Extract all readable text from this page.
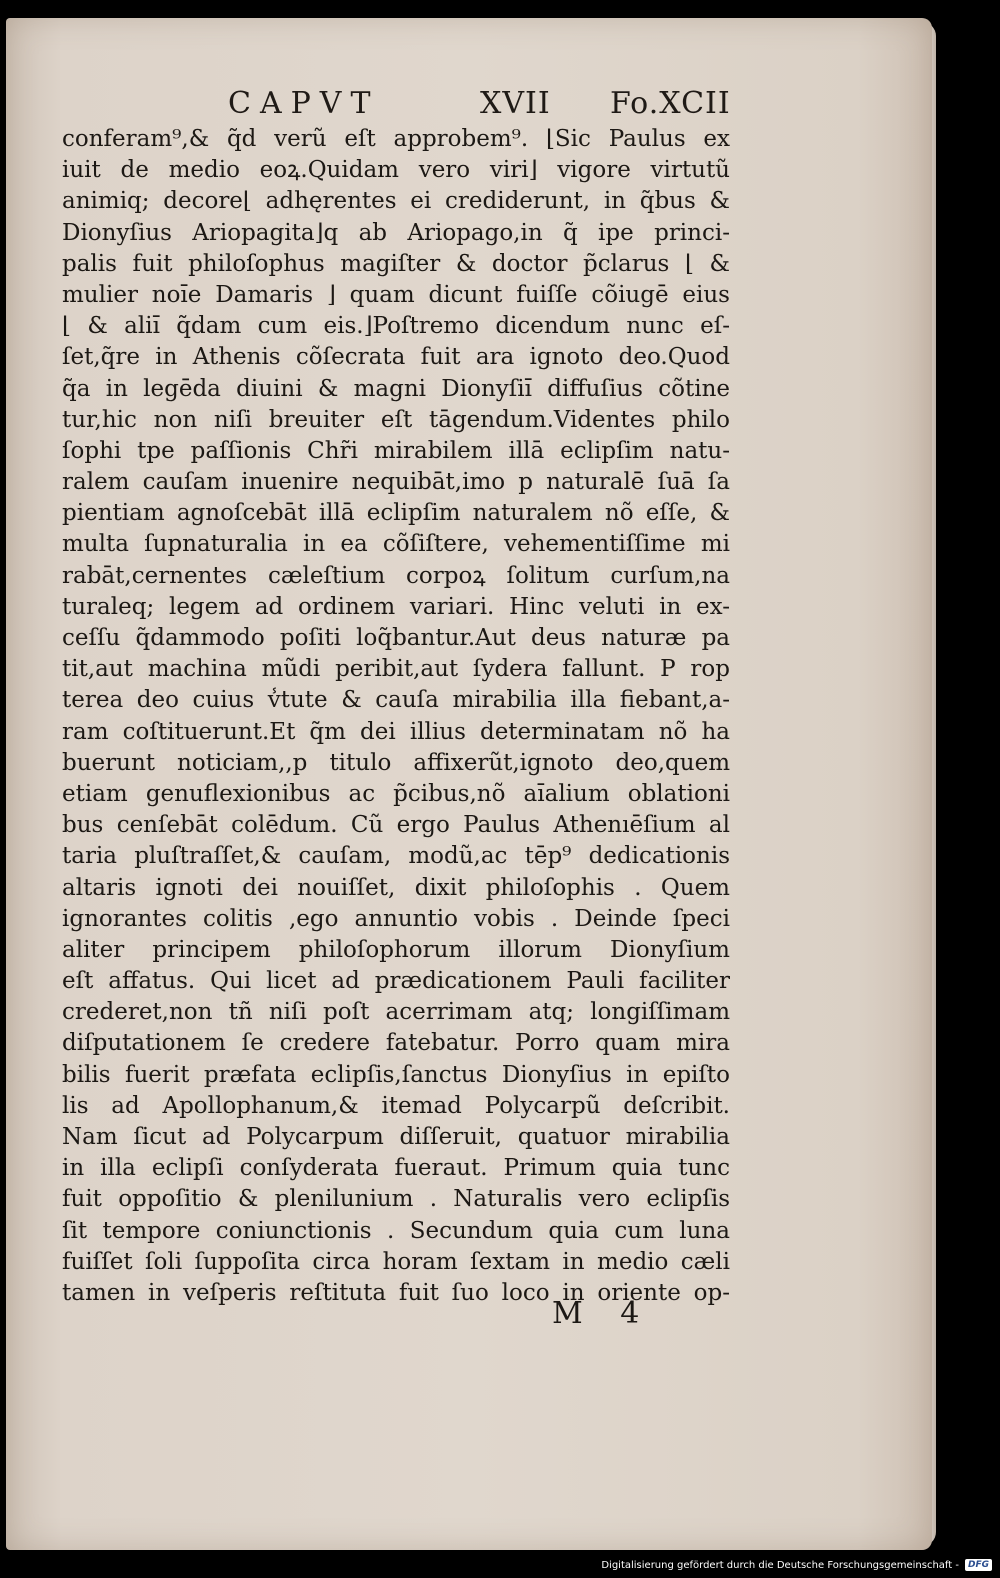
CAPVT	XVII Fo.XCII
conferam⁹,& q̃d verũ eſt approbem⁹. ⌊Sic Paulus ex
iuit de medio eoꝝ.Quidam vero viri⌋ vigore virtutũ
animiq; decore⌊ adhęrentes ei crediderunt, in q̃bus &
Dionyſius Ariopagita⌋q ab Ariopago,in q̃ ipe princi-
palis fuit philoſophus magiſter & doctor p̃clarus ⌊ &
mulier noı̄e Damaris ⌋ quam dicunt fuiſſe cõiugē eius
⌊ & aliı̄ q̃dam cum eis.⌋Poſtremo dicendum nunc eſ-
ſet,q̃re in Athenis cõſecrata fuit ara ignoto deo.Quod
q̃a in legēda diuini & magni Dionyſiı̄ diffuſius cõtine
tur,hic non niſi breuiter eſt tāgendum.Videntes philo
ſophi tpe paſſionis Chr̃i mirabilem illā eclipſim natu-
ralem cauſam inuenire nequibāt,imo p naturalē ſuā ſa
pientiam agnoſcebāt illā eclipſim naturalem nõ eſſe, &
multa ſupnaturalia in ea cõſiſtere, vehementiſſime mi
rabāt,cernentes cæleſtium corpoꝝ ſolitum curſum,na
turaleq; legem ad ordinem variari. Hinc veluti in ex-
ceſſu q̃dammodo poſiti loq̃bantur.Aut deus naturæ pa
tit,aut machina mũdi peribit,aut ſydera fallunt. P rop
terea deo cuius v̾tute & cauſa mirabilia illa fiebant,a-
ram coſtituerunt.Et q̃m dei illius determinatam nõ ha
buerunt noticiam,,p titulo affixerũt,ignoto deo,quem
etiam genuflexionibus ac p̃cibus,nõ aı̄alium oblationi
bus cenſebāt colēdum. Cũ ergo Paulus Athenıēſium al
taria pluſtraſſet,& cauſam, modũ,ac tēp⁹ dedicationis
altaris ignoti dei nouiſſet, dixit philoſophis . Quem
ignorantes colitis ,ego annuntio vobis . Deinde ſpeci
aliter principem philoſophorum illorum Dionyſium
eſt affatus. Qui licet ad prædicationem Pauli faciliter
crederet,non tñ niſi poſt acerrimam atq; longiſſimam
diſputationem ſe credere fatebatur. Porro quam mira
bilis fuerit præfata eclipſis,ſanctus Dionyſius in epiſto
lis ad Apollophanum,& itemad Polycarpũ deſcribit.
Nam ſicut ad Polycarpum diſſeruit, quatuor mirabilia
in illa eclipſi conſyderata fueraut. Primum quia tunc
fuit oppoſitio & plenilunium . Naturalis vero eclipſis
ſit tempore coniunctionis . Secundum quia cum luna
fuiſſet ſoli ſuppoſita circa horam ſextam in medio cæli
tamen in veſperis reſtituta fuit ſuo loco in oriente op-
M 4
Digitalisierung gefördert durch die Deutsche Forschungsgemeinschaft -	DFG
